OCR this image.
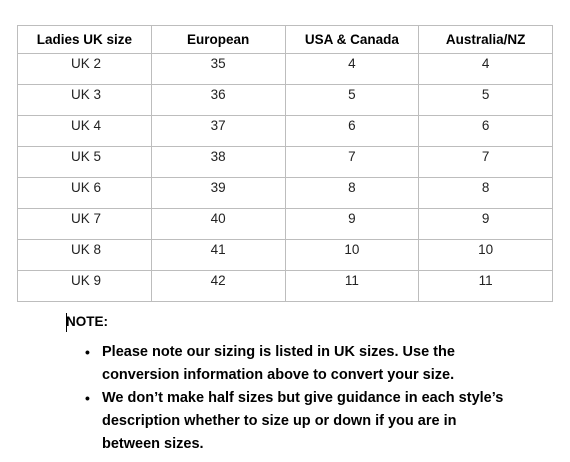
Ladies UK size	European	USA & Canada	Australia/NZ
UK 2	35	4	4
UK 3	36	5	5
UK 4	37	6	6
UK 5	38	7	7
UK 6	39	8	8
UK 7	40	9	9
UK 8	41	10	10
UK 9	42	11	11
NOTE:
• Please note our sizing is listed in UK sizes. Use the conversion information above to convert your size.
• We don’t make half sizes but give guidance in each style’s description whether to size up or down if you are in between sizes.
